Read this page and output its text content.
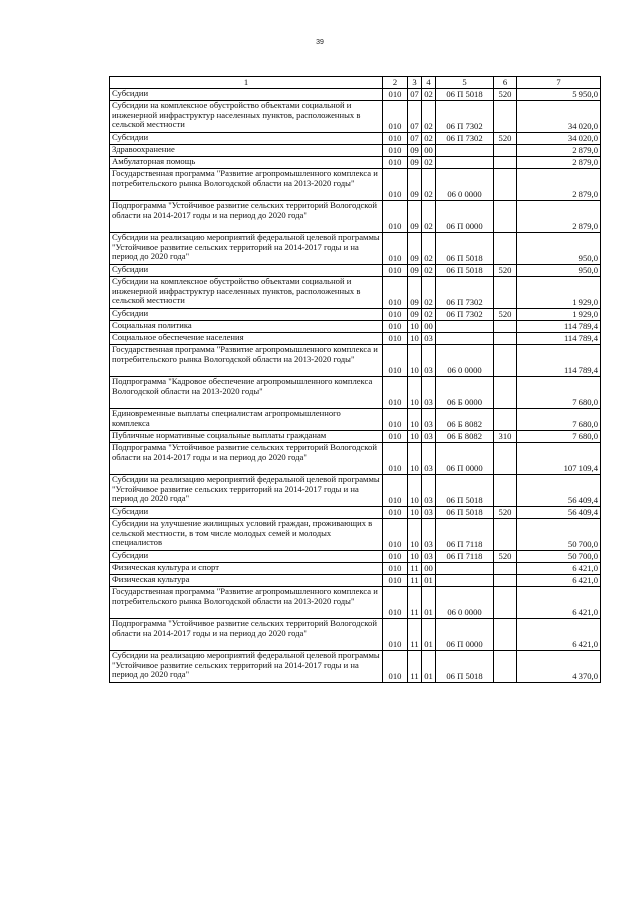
39
1	2	3	4	5	6	7
Субсидии	010	07	02	06 П 5018	520	5 950,0
Субсидии на комплексное обустройство объектами социальной и инженерной инфраструктур населенных пунктов, расположенных в сельской местности	010	07	02	06 П 7302		34 020,0
Субсидии	010	07	02	06 П 7302	520	34 020,0
Здравоохранение	010	09	00			2 879,0
Амбулаторная помощь	010	09	02			2 879,0
Государственная программа "Развитие агропромышленного комплекса и потребительского рынка Вологодской области на 2013-2020 годы"	010	09	02	06 0 0000		2 879,0
Подпрограмма "Устойчивое развитие сельских территорий Вологодской области на 2014-2017 годы и на период до 2020 года"	010	09	02	06 П 0000		2 879,0
Субсидии на реализацию мероприятий федеральной целевой программы "Устойчивое развитие сельских территорий на 2014-2017 годы и на период до 2020 года"	010	09	02	06 П 5018		950,0
Субсидии	010	09	02	06 П 5018	520	950,0
Субсидии на комплексное обустройство объектами социальной и инженерной инфраструктур населенных пунктов, расположенных в сельской местности	010	09	02	06 П 7302		1 929,0
Субсидии	010	09	02	06 П 7302	520	1 929,0
Социальная политика	010	10	00			114 789,4
Социальное обеспечение населения	010	10	03			114 789,4
Государственная программа "Развитие агропромышленного комплекса и потребительского рынка Вологодской области на 2013-2020 годы"	010	10	03	06 0 0000		114 789,4
Подпрограмма "Кадровое обеспечение агропромышленного комплекса Вологодской области на 2013-2020 годы"	010	10	03	06 Б 0000		7 680,0
Единовременные выплаты специалистам агропромышленного комплекса	010	10	03	06 Б 8082		7 680,0
Публичные нормативные социальные выплаты гражданам	010	10	03	06 Б 8082	310	7 680,0
Подпрограмма "Устойчивое развитие сельских территорий Вологодской области на 2014-2017 годы и на период до 2020 года"	010	10	03	06 П 0000		107 109,4
Субсидии на реализацию мероприятий федеральной целевой программы "Устойчивое развитие сельских территорий на 2014-2017 годы и на период до 2020 года"	010	10	03	06 П 5018		56 409,4
Субсидии	010	10	03	06 П 5018	520	56 409,4
Субсидии на улучшение жилищных условий граждан, проживающих в сельской местности, в том числе молодых семей и молодых специалистов	010	10	03	06 П 7118		50 700,0
Субсидии	010	10	03	06 П 7118	520	50 700,0
Физическая культура и спорт	010	11	00			6 421,0
Физическая культура	010	11	01			6 421,0
Государственная программа "Развитие агропромышленного комплекса и потребительского рынка Вологодской области на 2013-2020 годы"	010	11	01	06 0 0000		6 421,0
Подпрограмма "Устойчивое развитие сельских территорий Вологодской области на 2014-2017 годы и на период до 2020 года"	010	11	01	06 П 0000		6 421,0
Субсидии на реализацию мероприятий федеральной целевой программы "Устойчивое развитие сельских территорий на 2014-2017 годы и на период до 2020 года"	010	11	01	06 П 5018		4 370,0
